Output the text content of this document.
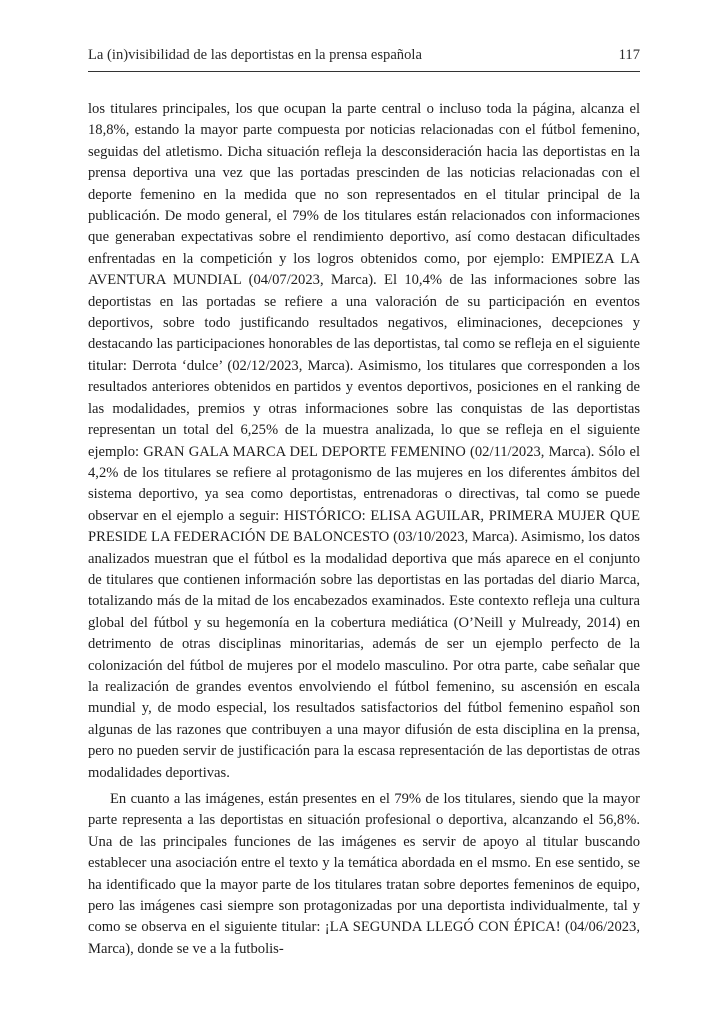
La (in)visibilidad de las deportistas en la prensa española	117

los titulares principales, los que ocupan la parte central o incluso toda la página, alcanza el 18,8%, estando la mayor parte compuesta por noticias relacionadas con el fútbol femenino, seguidas del atletismo. Dicha situación refleja la desconsideración hacia las deportistas en la prensa deportiva una vez que las portadas prescinden de las noticias relacionadas con el deporte femenino en la medida que no son representados en el titular principal de la publicación. De modo general, el 79% de los titulares están relacionados con informaciones que generaban expectativas sobre el rendimiento deportivo, así como destacan dificultades enfrentadas en la competición y los logros obtenidos como, por ejemplo: EMPIEZA LA AVENTURA MUNDIAL (04/07/2023, Marca). El 10,4% de las informaciones sobre las deportistas en las portadas se refiere a una valoración de su participación en eventos deportivos, sobre todo justificando resultados negativos, eliminaciones, decepciones y destacando las participaciones honorables de las deportistas, tal como se refleja en el siguiente titular: Derrota ‘dulce’ (02/12/2023, Marca). Asimismo, los titulares que corresponden a los resultados anteriores obtenidos en partidos y eventos deportivos, posiciones en el ranking de las modalidades, premios y otras informaciones sobre las conquistas de las deportistas representan un total del 6,25% de la muestra analizada, lo que se refleja en el siguiente ejemplo: GRAN GALA MARCA DEL DEPORTE FEMENINO (02/11/2023, Marca). Sólo el 4,2% de los titulares se refiere al protagonismo de las mujeres en los diferentes ámbitos del sistema deportivo, ya sea como deportistas, entrenadoras o directivas, tal como se puede observar en el ejemplo a seguir: HISTÓRICO: ELISA AGUILAR, PRIMERA MUJER QUE PRESIDE LA FEDERACIÓN DE BALONCESTO (03/10/2023, Marca). Asimismo, los datos analizados muestran que el fútbol es la modalidad deportiva que más aparece en el conjunto de titulares que contienen información sobre las deportistas en las portadas del diario Marca, totalizando más de la mitad de los encabezados examinados. Este contexto refleja una cultura global del fútbol y su hegemonía en la cobertura mediática (O’Neill y Mulready, 2014) en detrimento de otras disciplinas minoritarias, además de ser un ejemplo perfecto de la colonización del fútbol de mujeres por el modelo masculino. Por otra parte, cabe señalar que la realización de grandes eventos envolviendo el fútbol femenino, su ascensión en escala mundial y, de modo especial, los resultados satisfactorios del fútbol femenino español son algunas de las razones que contribuyen a una mayor difusión de esta disciplina en la prensa, pero no pueden servir de justificación para la escasa representación de las deportistas de otras modalidades deportivas.

En cuanto a las imágenes, están presentes en el 79% de los titulares, siendo que la mayor parte representa a las deportistas en situación profesional o deportiva, alcanzando el 56,8%. Una de las principales funciones de las imágenes es servir de apoyo al titular buscando establecer una asociación entre el texto y la temática abordada en el msmo. En ese sentido, se ha identificado que la mayor parte de los titulares tratan sobre deportes femeninos de equipo, pero las imágenes casi siempre son protagonizadas por una deportista individualmente, tal y como se observa en el siguiente titular: ¡LA SEGUNDA LLEGÓ CON ÉPICA! (04/06/2023, Marca), donde se ve a la futbolis-
